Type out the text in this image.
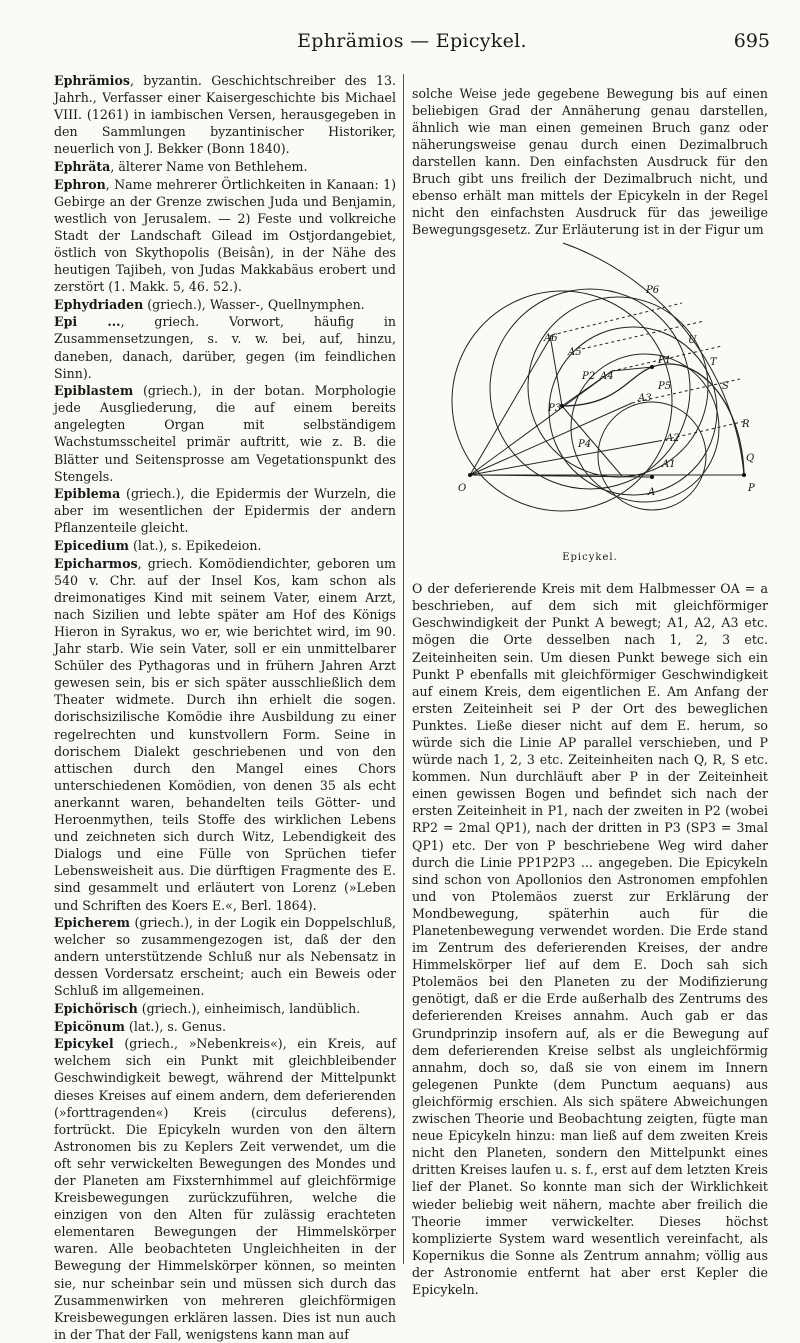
Ephrämios — Epicykel.	695

Ephrämios, byzantin. Geschichtschreiber des 13. Jahrh., Verfasser einer Kaisergeschichte bis Michael VIII. (1261) in iambischen Versen, herausgegeben in den Sammlungen byzantinischer Historiker, neuerlich von J. Bekker (Bonn 1840).

Ephräta, älterer Name von Bethlehem.

Ephron, Name mehrerer Örtlichkeiten in Kanaan: 1) Gebirge an der Grenze zwischen Juda und Benjamin, westlich von Jerusalem. — 2) Feste und volkreiche Stadt der Landschaft Gilead im Ostjordangebiet, östlich von Skythopolis (Beisân), in der Nähe des heutigen Tajibeh, von Judas Makkabäus erobert und zerstört (1. Makk. 5, 46. 52.).

Ephydriaden (griech.), Wasser-, Quellnymphen.

Epi ..., griech. Vorwort, häufig in Zusammensetzungen, s. v. w. bei, auf, hinzu, daneben, danach, darüber, gegen (im feindlichen Sinn).

Epiblastem (griech.), in der botan. Morphologie jede Ausgliederung, die auf einem bereits angelegten Organ mit selbständigem Wachstumsscheitel primär auftritt, wie z. B. die Blätter und Seitensprosse am Vegetationspunkt des Stengels.

Epiblema (griech.), die Epidermis der Wurzeln, die aber im wesentlichen der Epidermis der andern Pflanzenteile gleicht.

Epicedium (lat.), s. Epikedeion.

Epicharmos, griech. Komödiendichter, geboren um 540 v. Chr. auf der Insel Kos, kam schon als dreimonatiges Kind mit seinem Vater, einem Arzt, nach Sizilien und lebte später am Hof des Königs Hieron in Syrakus, wo er, wie berichtet wird, im 90. Jahr starb. Wie sein Vater, soll er ein unmittelbarer Schüler des Pythagoras und in frühern Jahren Arzt gewesen sein, bis er sich später ausschließlich dem Theater widmete. Durch ihn erhielt die sogen. dorischsizilische Komödie ihre Ausbildung zu einer regelrechten und kunstvollern Form. Seine in dorischem Dialekt geschriebenen und von den attischen durch den Mangel eines Chors unterschiedenen Komödien, von denen 35 als echt anerkannt waren, behandelten teils Götter- und Heroenmythen, teils Stoffe des wirklichen Lebens und zeichneten sich durch Witz, Lebendigkeit des Dialogs und eine Fülle von Sprüchen tiefer Lebensweisheit aus. Die dürftigen Fragmente des E. sind gesammelt und erläutert von Lorenz (»Leben und Schriften des Koers E.«, Berl. 1864).

Epicherem (griech.), in der Logik ein Doppelschluß, welcher so zusammengezogen ist, daß der den andern unterstützende Schluß nur als Nebensatz in dessen Vordersatz erscheint; auch ein Beweis oder Schluß im allgemeinen.

Epichörisch (griech.), einheimisch, landüblich.

Epicönum (lat.), s. Genus.

Epicykel (griech., »Nebenkreis«), ein Kreis, auf welchem sich ein Punkt mit gleichbleibender Geschwindigkeit bewegt, während der Mittelpunkt dieses Kreises auf einem andern, dem deferierenden (»forttragenden«) Kreis (circulus deferens), fortrückt. Die Epicykeln wurden von den ältern Astronomen bis zu Keplers Zeit verwendet, um die oft sehr verwickelten Bewegungen des Mondes und der Planeten am Fixsternhimmel auf gleichförmige Kreisbewegungen zurückzuführen, welche die einzigen von den Alten für zulässig erachteten elementaren Bewegungen der Himmelskörper waren. Alle beobachteten Ungleichheiten in der Bewegung der Himmelskörper können, so meinten sie, nur scheinbar sein und müssen sich durch das Zusammenwirken von mehreren gleichförmigen Kreisbewegungen erklären lassen. Dies ist nun auch in der That der Fall, wenigstens kann man auf

solche Weise jede gegebene Bewegung bis auf einen beliebigen Grad der Annäherung genau darstellen, ähnlich wie man einen gemeinen Bruch ganz oder näherungsweise genau durch einen Dezimalbruch darstellen kann. Den einfachsten Ausdruck für den Bruch gibt uns freilich der Dezimalbruch nicht, und ebenso erhält man mittels der Epicykeln in der Regel nicht den einfachsten Ausdruck für das jeweilige Bewegungsgesetz. Zur Erläuterung ist in der Figur um

P6
U
A6
T
A5
S
P2 A4
P1
A3
P5
R
P3
A2
Q
P4
A1
O	A	P
Epicykel.

O der deferierende Kreis mit dem Halbmesser OA = a beschrieben, auf dem sich mit gleichförmiger Geschwindigkeit der Punkt A bewegt; A1, A2, A3 etc. mögen die Orte desselben nach 1, 2, 3 etc. Zeiteinheiten sein. Um diesen Punkt bewege sich ein Punkt P ebenfalls mit gleichförmiger Geschwindigkeit auf einem Kreis, dem eigentlichen E. Am Anfang der ersten Zeiteinheit sei P der Ort des beweglichen Punktes. Ließe dieser nicht auf dem E. herum, so würde sich die Linie AP parallel verschieben, und P würde nach 1, 2, 3 etc. Zeiteinheiten nach Q, R, S etc. kommen. Nun durchläuft aber P in der Zeiteinheit einen gewissen Bogen und befindet sich nach der ersten Zeiteinheit in P1, nach der zweiten in P2 (wobei RP2 = 2mal QP1), nach der dritten in P3 (SP3 = 3mal QP1) etc. Der von P beschriebene Weg wird daher durch die Linie PP1P2P3 ... angegeben. Die Epicykeln sind schon von Apollonios den Astronomen empfohlen und von Ptolemäos zuerst zur Erklärung der Mondbewegung, späterhin auch für die Planetenbewegung verwendet worden. Die Erde stand im Zentrum des deferierenden Kreises, der andre Himmelskörper lief auf dem E. Doch sah sich Ptolemäos bei den Planeten zu der Modifizierung genötigt, daß er die Erde außerhalb des Zentrums des deferierenden Kreises annahm. Auch gab er das Grundprinzip insofern auf, als er die Bewegung auf dem deferierenden Kreise selbst als ungleichförmig annahm, doch so, daß sie von einem im Innern gelegenen Punkte (dem Punctum aequans) aus gleichförmig erschien. Als sich spätere Abweichungen zwischen Theorie und Beobachtung zeigten, fügte man neue Epicykeln hinzu: man ließ auf dem zweiten Kreis nicht den Planeten, sondern den Mittelpunkt eines dritten Kreises laufen u. s. f., erst auf dem letzten Kreis lief der Planet. So konnte man sich der Wirklichkeit wieder beliebig weit nähern, machte aber freilich die Theorie immer verwickelter. Dieses höchst komplizierte System ward wesentlich vereinfacht, als Kopernikus die Sonne als Zentrum annahm; völlig aus der Astronomie entfernt hat aber erst Kepler die Epicykeln.
